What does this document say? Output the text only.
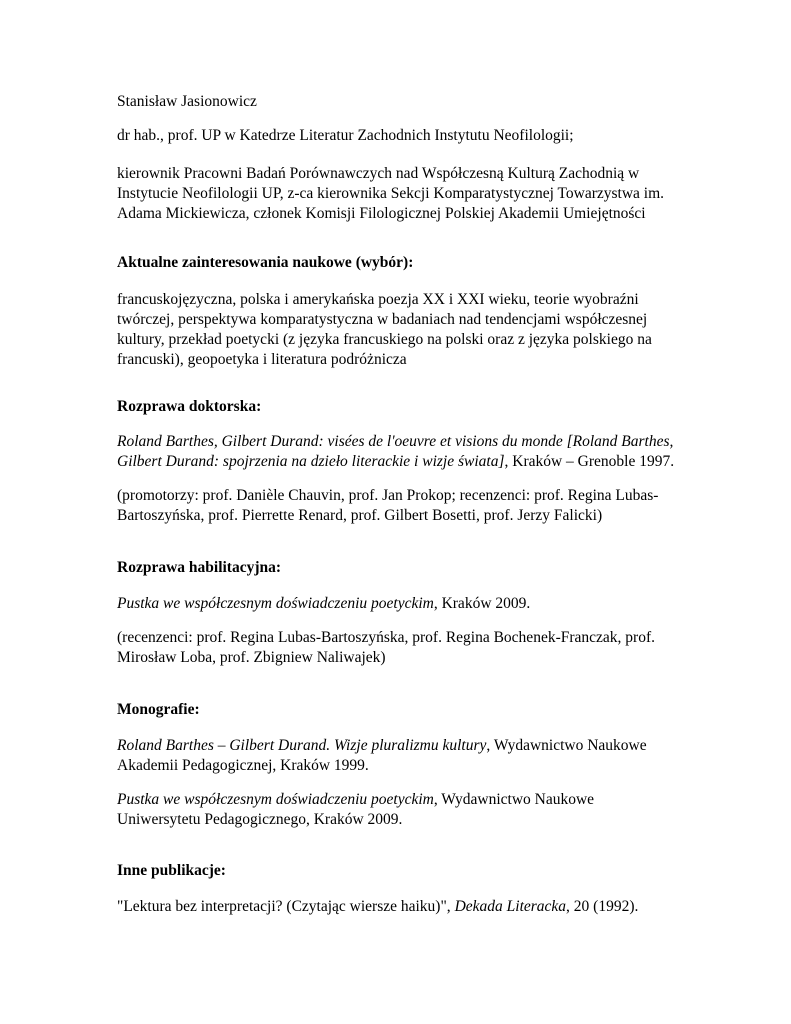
Stanisław Jasionowicz

dr hab., prof. UP w Katedrze Literatur Zachodnich Instytutu Neofilologii;

kierownik Pracowni Badań Porównawczych nad Współczesną Kulturą Zachodnią w
Instytucie Neofilologii UP, z-ca kierownika Sekcji Komparatystycznej Towarzystwa im.
Adama Mickiewicza, członek Komisji Filologicznej Polskiej Akademii Umiejętności

Aktualne zainteresowania naukowe (wybór):

francuskojęzyczna, polska i amerykańska poezja XX i XXI wieku, teorie wyobraźni
twórczej, perspektywa komparatystyczna w badaniach nad tendencjami współczesnej
kultury, przekład poetycki (z języka francuskiego na polski oraz z języka polskiego na
francuski), geopoetyka i literatura podróżnicza

Rozprawa doktorska:

Roland Barthes, Gilbert Durand: visées de l'oeuvre et visions du monde [Roland Barthes,
Gilbert Durand: spojrzenia na dzieło literackie i wizje świata], Kraków – Grenoble 1997.
(promotorzy: prof. Danièle Chauvin, prof. Jan Prokop; recenzenci: prof. Regina Lubas-
Bartoszyńska, prof. Pierrette Renard, prof. Gilbert Bosetti, prof. Jerzy Falicki)

Rozprawa habilitacyjna:

Pustka we współczesnym doświadczeniu poetyckim, Kraków 2009.

(recenzenci: prof. Regina Lubas-Bartoszyńska, prof. Regina Bochenek-Franczak, prof.
Mirosław Loba, prof. Zbigniew Naliwajek)

Monografie:

Roland Barthes – Gilbert Durand. Wizje pluralizmu kultury, Wydawnictwo Naukowe
Akademii Pedagogicznej, Kraków 1999.
Pustka we współczesnym doświadczeniu poetyckim, Wydawnictwo Naukowe
Uniwersytetu Pedagogicznego, Kraków 2009.

Inne publikacje:

"Lektura bez interpretacji? (Czytając wiersze haiku)", Dekada Literacka, 20 (1992).
